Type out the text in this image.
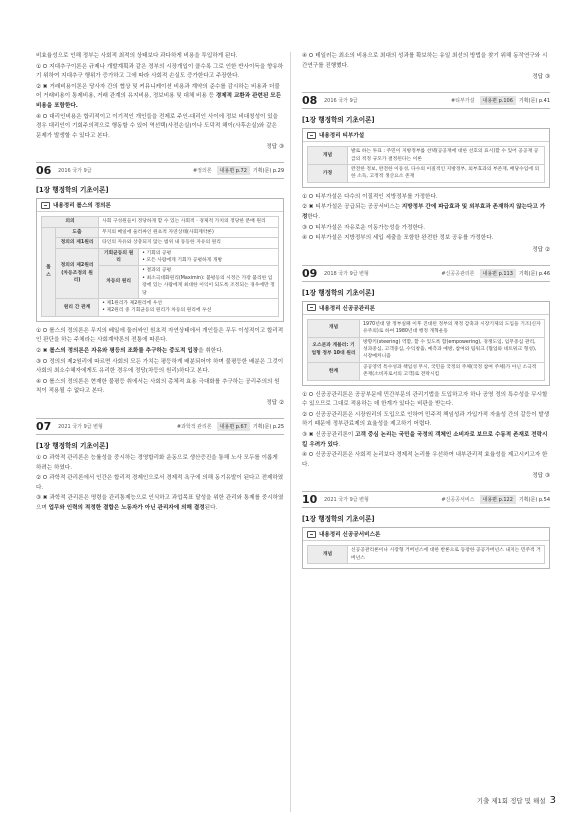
비효율성으로 인해 정부는 사회적 최적의 상태보다 과다하게 비용을 투입하게 된다.
① ⭘ 지대추구이론은 규제나 개발계획과 같은 정부의 시장개입이 클수록 그로 인한 반사이득을 향유하기 위하여 지대추구 행위가 증가하고 그에 따라 사회적 손실도 증가한다고 주장한다.
② ✖ 거래비용이론은 당사자 간의 협상 및 커뮤니케이션 비용과 계약의 준수를 감시하는 비용과 더불어 거래비용이 통제비용, 거래 관계의 유지비용, 정보비용 및 대체 비용 등 경제적 교환과 관련된 모든 비용을 포함한다.
④ ⭘ 대리인비용은 합리적이고 이기적인 개인들을 전제로 주인-대리인 사이에 정보 비대칭성이 있을 경우 대리인이 기회주의적으로 행동할 수 있어 역선택(사전손실)이나 도덕적 해이(사후손실)와 같은 문제가 발생할 수 있다고 본다.
정답 ③
06	2016 국가 9급	#정의론	내용편 p.72	기획(문) p.29
[1장 행정학의 기초이론]
내용정리 롤스의 정의론
의의		사회 구성원들이 정당하게 할 수 있는 사회적 · 경제적 가치의 정당한 분배 원리	
롤 스	도출	무지의 베일에 둘러싸인 원초적 자연상태(사회계약론)	
	정의의 제1원리	타인의 자유와 상충되지 않는 범위 내 동등한 자유의 원리	
	정의의 제2원리 (차등조정의 원리)	기회균등의 원리	• 기회의 공평
• 모든 사람에게 기회가 공평하게 개방
		차등의 원리	• 결과의 공평
• 최소극대화원리(Maximin): 불평등의 시정은 가장 불리한 입장에 있는 사람에게 최대한 이익이 되도록 조정되는 경우에만 정당
	원리 간 관계	• 제1원리가 제2원리에 우선
• 제2원리 중 기회균등의 원리가 차등의 원리에 우선	
① ⭘ 롤스의 정의론은 무지의 베일에 둘러싸인 원초적 자연상태에서 개인들은 무두 이성적이고 합리적인 판단을 하는 주체라는 사회계약론의 전통에 따른다.
② ✖ 롤스의 정의론은 자유와 평등의 조화를 추구하는 중도적 입장을 취한다.
③ ⭘ 정의의 제2원리에 따르면 사회의 모든 가치는 평등하게 배분되어야 하며 불평등한 배분은 그것이 사회의 최소수혜자에게도 유리한 경우에 정당(차등의 원리)하다고 본다.
④ ⭘ 롤스의 정의론은 현재한 불평등 취에서는 사회의 총체적 효용 극대화를 추구하는 공리주의의 원칙이 적용될 수 없다고 본다.
정답 ②
07	2021 국가 9급 변형	#과학적 관리론	내용편 p.67	기획(문) p.25
[1장 행정학의 기초이론]
① ⭘ 과학적 관리론은 능률성을 중시하는 경영합리화 운동으로 생산증진을 통해 노사 모두를 이롭게 하려는 하였다.
② ⭘ 과학적 관리론에서 인간은 합리적 경제인으로서 경제적 욕구에 의해 동기유발이 된다고 전제하였다.
③ ✖ 과학적 관리론은 명령을 관리통제능으로 인식하고 과업목표 달성을 위한 관리와 통제를 중시하였으며 업무와 인력의 적정한 결합은 노동자가 아닌 관리자에 의해 결정된다.
④ ⭘ 테일러는 최소의 비용으로 최대의 성과를 확보하는 유일 최선의 방법을 찾기 위해 동작연구와 시간연구를 진행했다.
정답 ③
08	2016 국가 9급	#티부가설	내용편 p.106	기획(문) p.41
[1장 행정학의 기초이론]
내용정리 티부가설
개념	발로 하는 투표 : 주민이 지방정부를 선택(공공재에 대한 선호의 표시)할 수 있어 공공재 공급의 적정 규모가 결정된다는 이론
가정	완전한 정보, 완전한 이동성, 다수의 이질적인 지방정부, 외부효과의 부존재, 배당수입에 의한 소득, 고정적 생산요소 존재
① ⭘ 티부가설은 다수의 이질적인 지방정부를 가정한다.
② ✖ 티부가설은 공급되는 공공서비스는 지방정부 간에 파급효과 및 외부효과 존재하지 않는다고 가정한다.
③ ⭘ 티부가설은 자유로운 이동가능성을 가정한다.
④ ⭘ 티부가설은 지방정부의 세입 세출을 포함한 완전한 정보 공유를 가정한다.
정답 ②
09	2018 국가 9급 변형	#신공공관리론	내용편 p.113	기획(문) p.46
[1장 행정학의 기초이론]
내용정리 신공공관리론
개념	1970년대 말 정부실패 이후 진대된 정부의 재정 감축과 시장기제의 도입을 기조(신자유주의)로 하여 1980년대 행정 개혁운동
오스본과 게블러: 기업형 정부 10대 원리	방향키(steering) 역할, 할 수 있도록 함(empowering), 경쟁도입, 임무중심 관리, 성과중심, 고객중심, 수익창출, 예측과 예방, 참여와 팀워크 (협업와 네트워크 형성), 시장메커니즘
한계	공공영역 특수성과 책임성 무시, 국민을 국정의 주체(국정 참여 주체)가 아닌 소극적 존재(소비자로서의 고객)로 전락시킴
① ⭘ 신공공관리론은 공공부문에 민간부문의 관리기법을 도입하고자 하나 공영 정의 특수성을 무시할 수 있으므로 그대로 적용하는 데 한계가 있다는 비판을 받는다.
② ⭘ 신공공관리론은 시장원리의 도입으로 인하여 민주적 책임성과 가입가적 자율성 간의 갈등이 발생하기 때문에 정부관료제의 효율성을 제고하기 어렵다.
③ ✖ 신공공관리론이 고객 중심 논리는 국민을 국정의 객체인 소비자로 보므로 수동적 존재로 전락시킬 우려가 있다.
④ ⭘ 신공공관리론은 사회적 논리보다 경제적 논리를 우선하여 내부관리적 효율성을 제고시키고자 한다.
정답 ③
10	2021 국가 9급 변형	#신공공서비스	내용편 p.122	기획(문) p.54
[1장 행정학의 기초이론]
내용정리 신공공서비스론
개념	신공공관리론이나 시장형 거버넌스에 대한 반론으로 등장한 공공가버넌스 내지는 민주적 거버넌스
기출 제1회 정답 및 해설 3
